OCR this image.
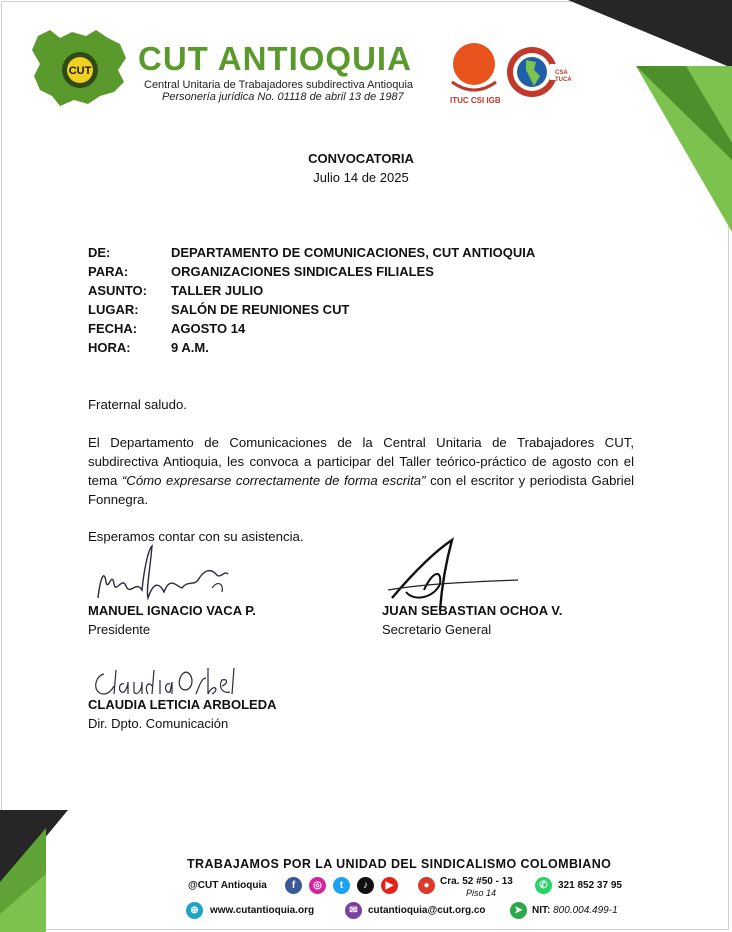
CUT CUT ANTIOQUIA
Central Unitaria de Trabajadores subdirectiva Antioquia
Personería jurídica No. 01118 de abril 13 de 1987	ITUC CSI IGB
CSA
TUCA
CONVOCATORIA
Julio 14 de 2025
DE:	DEPARTAMENTO DE COMUNICACIONES, CUT ANTIOQUIA
PARA:	ORGANIZACIONES SINDICALES FILIALES
ASUNTO: TALLER JULIO
LUGAR: SALÓN DE REUNIONES CUT
FECHA:	AGOSTO 14
HORA:	9 A.M.
Fraternal saludo.
El Departamento de Comunicaciones de la Central Unitaria de Trabajadores CUT, subdirectiva Antioquia, les convoca a participar del Taller teórico-práctico de agosto con el tema “Cómo expresarse correctamente de forma escrita” con el escritor y periodista Gabriel Fonnegra.
Esperamos contar con su asistencia.
MANUEL IGNACIO VACA P.
Presidente
JUAN SEBASTIAN OCHOA V.
Secretario General
CLAUDIA LETICIA ARBOLEDA
Dir. Dpto. Comunicación
TRABAJAMOS POR LA UNIDAD DEL SINDICALISMO COLOMBIANO
@CUT Antioquia	f	◎	t	♪	▶	●	Cra. 52 #50 - 13
Piso 14
✆	321 852 37 95
⊕	www.cutantioquia.org	✉	cutantioquia@cut.org.co	➤ NIT: 800.004.499-1
